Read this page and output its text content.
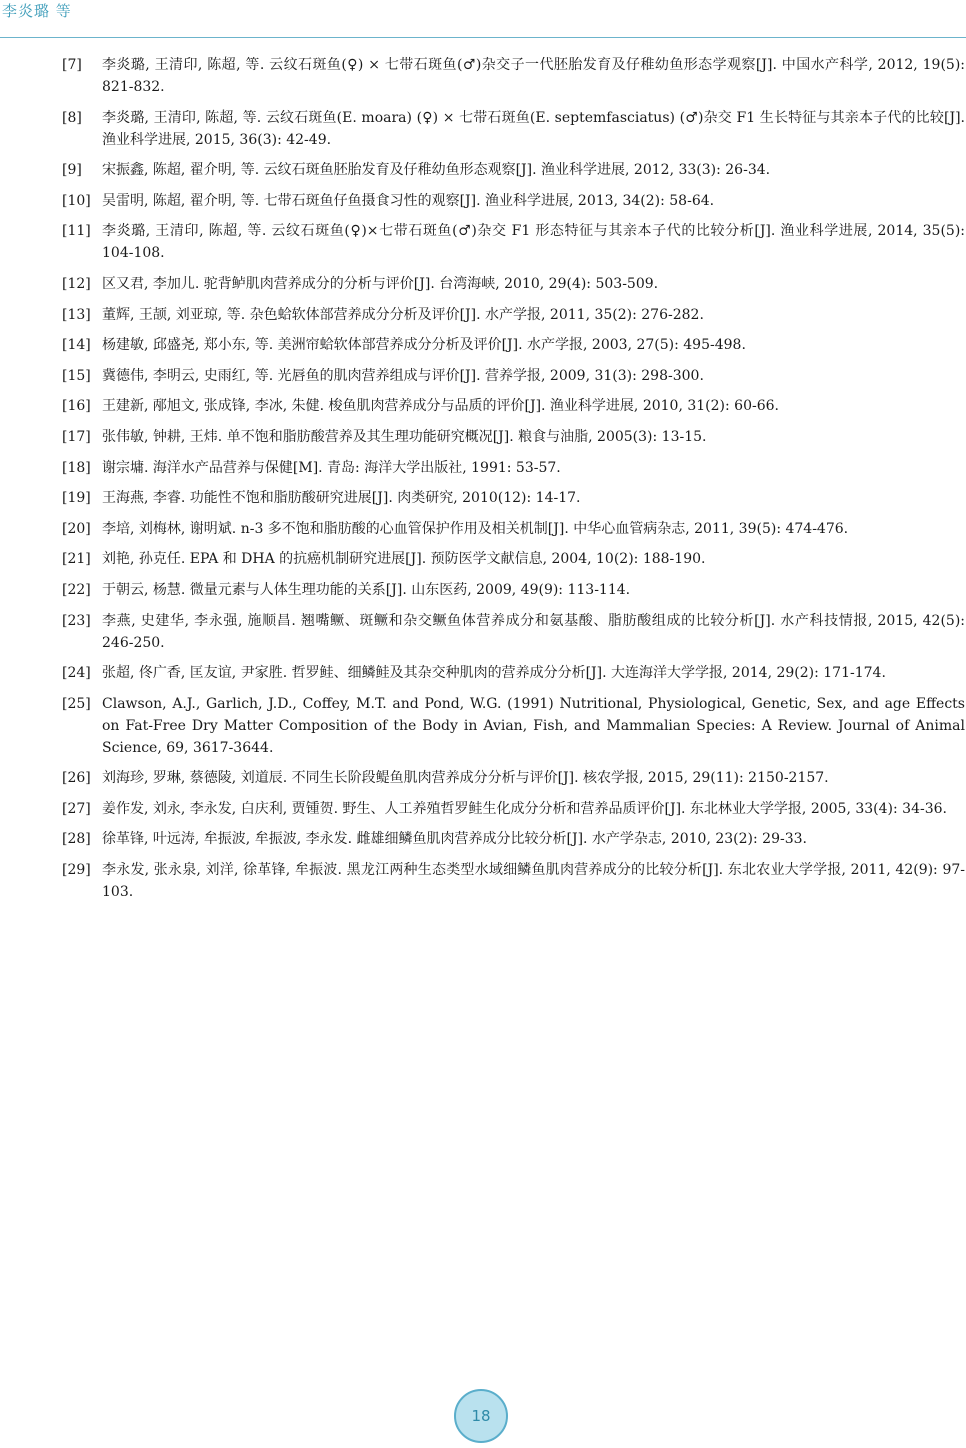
李炎璐 等
[7]	李炎璐, 王清印, 陈超, 等. 云纹石斑鱼(♀) × 七带石斑鱼(♂)杂交子一代胚胎发育及仔稚幼鱼形态学观察[J]. 中国水产科学, 2012, 19(5): 821-832.
[8]	李炎璐, 王清印, 陈超, 等. 云纹石斑鱼(E. moara) (♀) × 七带石斑鱼(E. septemfasciatus) (♂)杂交 F1 生长特征与其亲本子代的比较[J]. 渔业科学进展, 2015, 36(3): 42-49.
[9]	宋振鑫, 陈超, 翟介明, 等. 云纹石斑鱼胚胎发育及仔稚幼鱼形态观察[J]. 渔业科学进展, 2012, 33(3): 26-34.
[10] 吴雷明, 陈超, 翟介明, 等. 七带石斑鱼仔鱼摄食习性的观察[J]. 渔业科学进展, 2013, 34(2): 58-64.
[11] 李炎璐, 王清印, 陈超, 等. 云纹石斑鱼(♀)×七带石斑鱼(♂)杂交 F1 形态特征与其亲本子代的比较分析[J]. 渔业科学进展, 2014, 35(5): 104-108.
[12] 区又君, 李加儿. 驼背鲈肌肉营养成分的分析与评价[J]. 台湾海峡, 2010, 29(4): 503-509.
[13] 董辉, 王颉, 刘亚琼, 等. 杂色蛤软体部营养成分分析及评价[J]. 水产学报, 2011, 35(2): 276-282.
[14] 杨建敏, 邱盛尧, 郑小东, 等. 美洲帘蛤软体部营养成分分析及评价[J]. 水产学报, 2003, 27(5): 495-498.
[15] 冀德伟, 李明云, 史雨红, 等. 光唇鱼的肌肉营养组成与评价[J]. 营养学报, 2009, 31(3): 298-300.
[16] 王建新, 邴旭文, 张成锋, 李冰, 朱健. 梭鱼肌肉营养成分与品质的评价[J]. 渔业科学进展, 2010, 31(2): 60-66.
[17] 张伟敏, 钟耕, 王炜. 单不饱和脂肪酸营养及其生理功能研究概况[J]. 粮食与油脂, 2005(3): 13-15.
[18] 谢宗墉. 海洋水产品营养与保健[M]. 青岛: 海洋大学出版社, 1991: 53-57.
[19] 王海燕, 李睿. 功能性不饱和脂肪酸研究进展[J]. 肉类研究, 2010(12): 14-17.
[20] 李培, 刘梅林, 谢明斌. n-3 多不饱和脂肪酸的心血管保护作用及相关机制[J]. 中华心血管病杂志, 2011, 39(5): 474-476.
[21] 刘艳, 孙克任. EPA 和 DHA 的抗癌机制研究进展[J]. 预防医学文献信息, 2004, 10(2): 188-190.
[22] 于朝云, 杨慧. 微量元素与人体生理功能的关系[J]. 山东医药, 2009, 49(9): 113-114.
[23] 李燕, 史建华, 李永强, 施顺昌. 翘嘴鳜、斑鳜和杂交鳜鱼体营养成分和氨基酸、脂肪酸组成的比较分析[J]. 水产科技情报, 2015, 42(5): 246-250.
[24] 张超, 佟广香, 匡友谊, 尹家胜. 哲罗鲑、细鳞鲑及其杂交种肌肉的营养成分分析[J]. 大连海洋大学学报, 2014, 29(2): 171-174.
[25] Clawson, A.J., Garlich, J.D., Coffey, M.T. and Pond, W.G. (1991) Nutritional, Physiological, Genetic, Sex, and age Effects on Fat-Free Dry Matter Composition of the Body in Avian, Fish, and Mammalian Species: A Review. Journal of Animal Science, 69, 3617-3644.
[26] 刘海珍, 罗琳, 蔡德陵, 刘道辰. 不同生长阶段鳀鱼肌肉营养成分分析与评价[J]. 核农学报, 2015, 29(11): 2150-2157.
[27] 姜作发, 刘永, 李永发, 白庆利, 贾锺贺. 野生、人工养殖哲罗鲑生化成分分析和营养品质评价[J]. 东北林业大学学报, 2005, 33(4): 34-36.
[28] 徐革锋, 叶远涛, 牟振波, 牟振波, 李永发. 雌雄细鳞鱼肌肉营养成分比较分析[J]. 水产学杂志, 2010, 23(2): 29-33.
[29] 李永发, 张永泉, 刘洋, 徐革锋, 牟振波. 黑龙江两种生态类型水域细鳞鱼肌肉营养成分的比较分析[J]. 东北农业大学学报, 2011, 42(9): 97-103.
18
